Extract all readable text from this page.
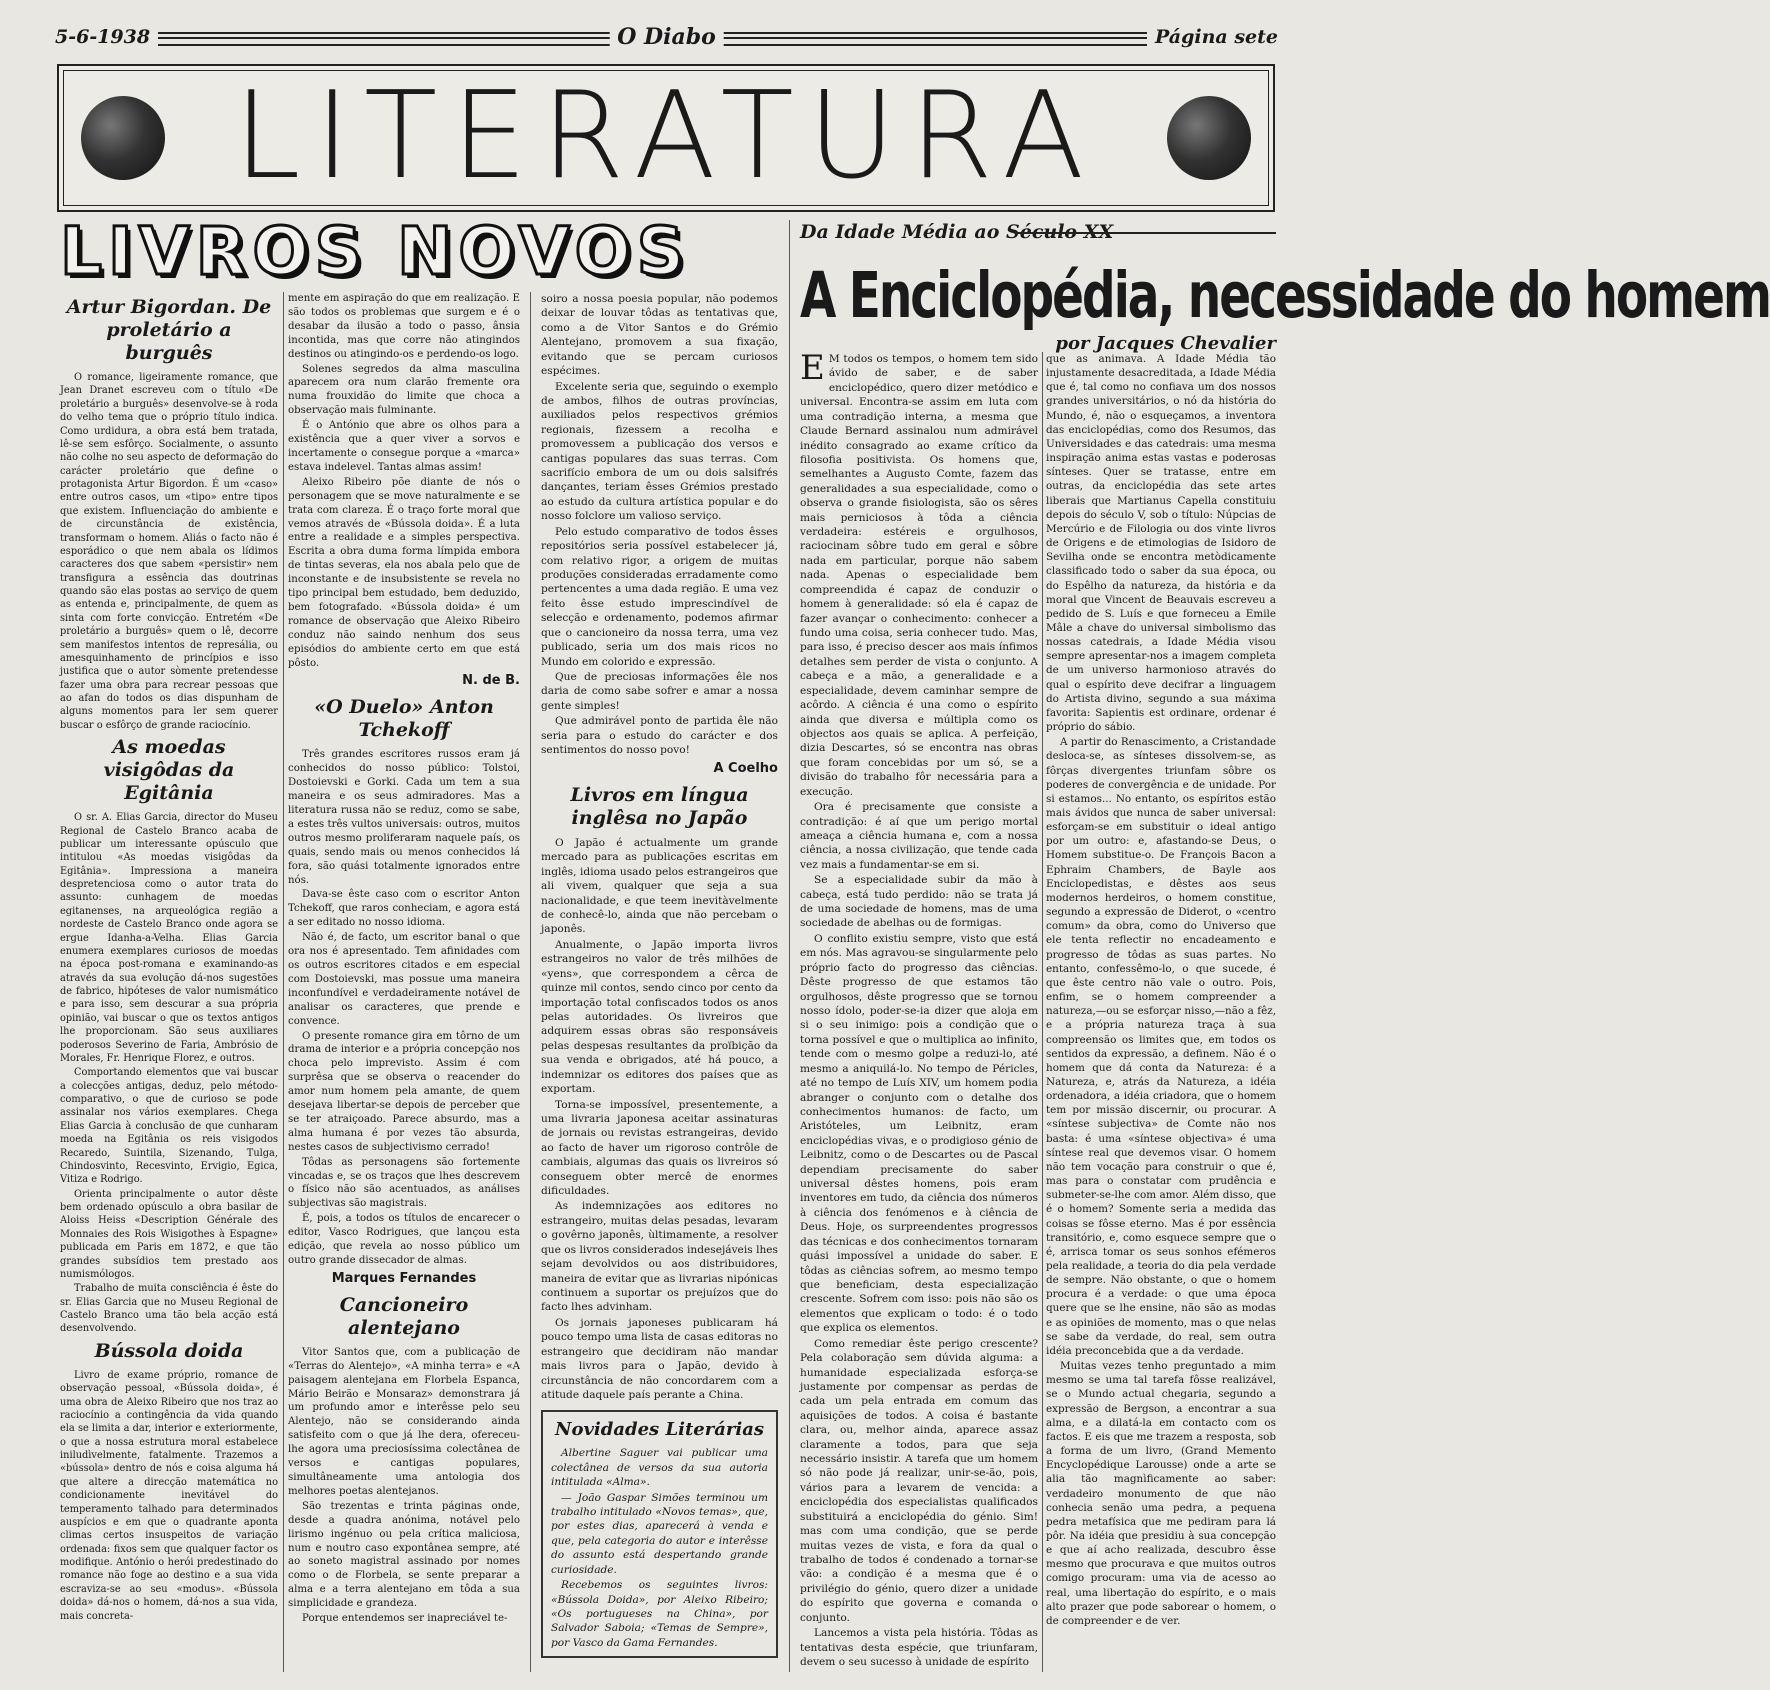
5-6-1938	O Diabo	Página sete
LITERATURA
LIVROS NOVOS
Artur Bigordan. De proletário a burguês

O romance, ligeiramente romance, que Jean Dranet escreveu com o título «De proletário a burguês» desenvolve-se à roda do velho tema que o próprio título indica. Como urdidura, a obra está bem tratada, lê-se sem esfôrço. Socialmente, o assunto não colhe no seu aspecto de deformação do carácter proletário que define o protagonista Artur Bigordon. É um «caso» entre outros casos, um «tipo» entre tipos que existem. Influenciação do ambiente e de circunstância de existência, transformam o homem. Aliás o facto não é esporádico o que nem abala os lídimos caracteres dos que sabem «persistir» nem transfigura a essência das doutrinas quando são elas postas ao serviço de quem as entenda e, principalmente, de quem as sinta com forte convicção. Entretém «De proletário a burguês» quem o lê, decorre sem manifestos intentos de represália, ou amesquinhamento de princípios e isso justifica que o autor sòmente pretendesse fazer uma obra para recrear pessoas que ao afan do todos os dias dispunham de alguns momentos para ler sem querer buscar o esfôrço de grande raciocínio.

As moedas visigôdas da Egitânia

O sr. A. Elias Garcia, director do Museu Regional de Castelo Branco acaba de publicar um interessante opúsculo que intitulou «As moedas visigôdas da Egitânia». Impressiona a maneira despretenciosa como o autor trata do assunto: cunhagem de moedas egitanenses, na arqueológica região a nordeste de Castelo Branco onde agora se ergue Idanha-a-Velha. Elias Garcia enumera exemplares curiosos de moedas na época post-romana e examinando-as através da sua evolução dá-nos sugestões de fabrico, hipóteses de valor numismático e para isso, sem descurar a sua própria opinião, vai buscar o que os textos antigos lhe proporcionam. São seus auxiliares poderosos Severino de Faria, Ambrósio de Morales, Fr. Henrique Florez, e outros.

Comportando elementos que vai buscar a colecções antigas, deduz, pelo método-comparativo, o que de curioso se pode assinalar nos vários exemplares. Chega Elias Garcia à conclusão de que cunharam moeda na Egitânia os reis visigodos Recaredo, Suintila, Sizenando, Tulga, Chindosvinto, Recesvinto, Ervigio, Egica, Vitiza e Rodrigo.

Orienta principalmente o autor dêste bem ordenado opúsculo a obra basilar de Aloiss Heiss «Description Générale des Monnaies des Rois Wisigothes à Espagne» publicada em Paris em 1872, e que tão grandes subsídios tem prestado aos numismólogos.

Trabalho de muita consciência é êste do sr. Elias Garcia que no Museu Regional de Castelo Branco uma tão bela acção está desenvolvendo.

Bússola doida

Livro de exame próprio, romance de observação pessoal, «Bússola doida», é uma obra de Aleixo Ribeiro que nos traz ao raciocínio a contingência da vida quando ela se limita a dar, interior e exteriormente, o que a nossa estrutura moral estabelece iniludìvelmente, fatalmente. Trazemos a «bússola» dentro de nós e coisa alguma há que altere a direcção matemática no condicionamente inevitável do temperamento talhado para determinados auspícios e em que o quadrante aponta climas certos insuspeitos de variação ordenada: fixos sem que qualquer factor os modifique. António o herói predestinado do romance não foge ao destino e a sua vida escraviza-se ao seu «modus». «Bússola doida» dá-nos o homem, dá-nos a sua vida, mais concreta-

mente em aspiração do que em realização. E são todos os problemas que surgem e é o desabar da ilusão a todo o passo, ânsia incontida, mas que corre não atingindos destinos ou atingindo-os e perdendo-os logo.

Solenes segredos da alma masculina aparecem ora num clarão fremente ora numa frouxidão do limite que choca a observação mais fulminante.

É o António que abre os olhos para a existência que a quer viver a sorvos e incertamente o consegue porque a «marca» estava indelevel. Tantas almas assim!

Aleixo Ribeiro põe diante de nós o personagem que se move naturalmente e se trata com clareza. É o traço forte moral que vemos através de «Bússola doida». É a luta entre a realidade e a simples perspectiva. Escrita a obra duma forma límpida embora de tintas severas, ela nos abala pelo que de inconstante e de insubsistente se revela no tipo principal bem estudado, bem deduzido, bem fotografado. «Bússola doida» é um romance de observação que Aleixo Ribeiro conduz não saindo nenhum dos seus episódios do ambiente certo em que está pôsto.

N. de B.
«O Duelo» Anton Tchekoff

Três grandes escritores russos eram já conhecidos do nosso público: Tolstoi, Dostoievski e Gorki. Cada um tem a sua maneira e os seus admiradores. Mas a literatura russa não se reduz, como se sabe, a estes três vultos universais: outros, muitos outros mesmo proliferaram naquele país, os quais, sendo mais ou menos conhecidos lá fora, são quási totalmente ignorados entre nós.

Dava-se êste caso com o escritor Anton Tchekoff, que raros conheciam, e agora está a ser editado no nosso idioma.

Não é, de facto, um escritor banal o que ora nos é apresentado. Tem afinidades com os outros escritores citados e em especial com Dostoievski, mas possue uma maneira inconfundível e verdadeiramente notável de analisar os caracteres, que prende e convence.

O presente romance gira em tôrno de um drama de interior e a própria concepção nos choca pelo imprevisto. Assim é com surprêsa que se observa o reacender do amor num homem pela amante, de quem desejava libertar-se depois de perceber que se ter atraiçoado. Parece absurdo, mas a alma humana é por vezes tão absurda, nestes casos de subjectivismo cerrado!

Tôdas as personagens são fortemente vincadas e, se os traços que lhes descrevem o físico não são acentuados, as análises subjectivas são magistrais.

É, pois, a todos os títulos de encarecer o editor, Vasco Rodrigues, que lançou esta edição, que revela ao nosso público um outro grande dissecador de almas.

Marques Fernandes
Cancioneiro alentejano

Vitor Santos que, com a publicação de «Terras do Alentejo», «A minha terra» e «A paisagem alentejana em Florbela Espanca, Mário Beirão e Monsaraz» demonstrara já um profundo amor e interêsse pelo seu Alentejo, não se considerando ainda satisfeito com o que já lhe dera, ofereceu-lhe agora uma preciosíssima colectânea de versos e cantigas populares, simultâneamente uma antologia dos melhores poetas alentejanos.

São trezentas e trinta páginas onde, desde a quadra anónima, notável pelo lirismo ingénuo ou pela crítica maliciosa, num e noutro caso expontânea sempre, até ao soneto magistral assinado por nomes como o de Florbela, se sente preparar a alma e a terra alentejano em tôda a sua simplicidade e grandeza.

Porque entendemos ser inapreciável te-

soiro a nossa poesia popular, não podemos deixar de louvar tôdas as tentativas que, como a de Vitor Santos e do Grémio Alentejano, promovem a sua fixação, evitando que se percam curiosos espécimes.

Excelente seria que, seguindo o exemplo de ambos, filhos de outras províncias, auxiliados pelos respectivos grémios regionais, fizessem a recolha e promovessem a publicação dos versos e cantigas populares das suas terras. Com sacrifício embora de um ou dois salsifrés dançantes, teriam êsses Grémios prestado ao estudo da cultura artística popular e do nosso folclore um valioso serviço.

Pelo estudo comparativo de todos êsses repositórios seria possível estabelecer já, com relativo rigor, a origem de muitas produções consideradas erradamente como pertencentes a uma dada região. E uma vez feito êsse estudo imprescindível de selecção e ordenamento, podemos afirmar que o cancioneiro da nossa terra, uma vez publicado, seria um dos mais ricos no Mundo em colorido e expressão.

Que de preciosas informações êle nos daria de como sabe sofrer e amar a nossa gente simples!

Que admirável ponto de partida êle não seria para o estudo do carácter e dos sentimentos do nosso povo!

A Coelho
Livros em língua inglêsa no Japão

O Japão é actualmente um grande mercado para as publicações escritas em inglês, idioma usado pelos estrangeiros que ali vivem, qualquer que seja a sua nacionalidade, e que teem inevitàvelmente de conhecê-lo, ainda que não percebam o japonês.

Anualmente, o Japão importa livros estrangeiros no valor de três milhões de «yens», que correspondem a cêrca de quinze mil contos, sendo cinco por cento da importação total confiscados todos os anos pelas autoridades. Os livreiros que adquirem essas obras são responsáveis pelas despesas resultantes da proïbição da sua venda e obrigados, até há pouco, a indemnizar os editores dos países que as exportam.

Torna-se impossível, presentemente, a uma livraria japonesa aceitar assinaturas de jornais ou revistas estrangeiras, devido ao facto de haver um rigoroso contrôle de cambiais, algumas das quais os livreiros só conseguem obter mercê de enormes dificuldades.

As indemnizações aos editores no estrangeiro, muitas delas pesadas, levaram o govêrno japonês, ùltimamente, a resolver que os livros considerados indesejáveis lhes sejam devolvidos ou aos distribuidores, maneira de evitar que as livrarias nipónicas continuem a suportar os prejuízos que do facto lhes advinham.

Os jornais japoneses publicaram há pouco tempo uma lista de casas editoras no estrangeiro que decidiram não mandar mais livros para o Japão, devido à circunstância de não concordarem com a atitude daquele país perante a China.

Novidades Literárias

Albertine Saguer vai publicar uma colectânea de versos da sua autoria intitulada «Alma».

— João Gaspar Simões terminou um trabalho intitulado «Novos temas», que, por estes dias, aparecerá à venda e que, pela categoria do autor e interêsse do assunto está despertando grande curiosidade.

Recebemos os seguintes livros: «Bússola Doida», por Aleixo Ribeiro; «Os portugueses na China», por Salvador Saboia; «Temas de Sempre», por Vasco da Gama Fernandes.

Da Idade Média ao Século XX
A Enciclopédia, necessidade do homem
por Jacques Chevalier

E M todos os tempos, o homem tem sido ávido de saber, e de saber enciclopédico, quero dizer metódico e universal. Encontra-se assim em luta com uma contradição interna, a mesma que Claude Bernard assinalou num admirável inédito consagrado ao exame crítico da filosofia positivista. Os homens que, semelhantes a Augusto Comte, fazem das generalidades a sua especialidade, como o observa o grande fisiologista, são os sêres mais perniciosos à tôda a ciência verdadeira: estéreis e orgulhosos, raciocinam sôbre tudo em geral e sôbre nada em particular, porque não sabem nada. Apenas o especialidade bem compreendida é capaz de conduzir o homem à generalidade: só ela é capaz de fazer avançar o conhecimento: conhecer a fundo uma coisa, seria conhecer tudo. Mas, para isso, é preciso descer aos mais ínfimos detalhes sem perder de vista o conjunto. A cabeça e a mão, a generalidade e a especialidade, devem caminhar sempre de acôrdo. A ciência é una como o espírito ainda que diversa e múltipla como os objectos aos quais se aplica. A perfeição, dizia Descartes, só se encontra nas obras que foram concebidas por um só, se a divisão do trabalho fôr necessária para a execução.

Ora é precisamente que consiste a contradição: é aí que um perigo mortal ameaça a ciência humana e, com a nossa ciência, a nossa civilização, que tende cada vez mais a fundamentar-se em si.

Se a especialidade subir da mão à cabeça, está tudo perdido: não se trata já de uma sociedade de homens, mas de uma sociedade de abelhas ou de formigas.

O conflito existiu sempre, visto que está em nós. Mas agravou-se singularmente pelo próprio facto do progresso das ciências. Dêste progresso de que estamos tão orgulhosos, dêste progresso que se tornou nosso ídolo, poder-se-ia dizer que aloja em si o seu inimigo: pois a condição que o torna possível e que o multiplica ao infinito, tende com o mesmo golpe a reduzi-lo, até mesmo a aniquilá-lo. No tempo de Péricles, até no tempo de Luís XIV, um homem podia abranger o conjunto com o detalhe dos conhecimentos humanos: de facto, um Aristóteles, um Leibnitz, eram enciclopédias vivas, e o prodigioso génio de Leibnitz, como o de Descartes ou de Pascal dependiam precisamente do saber universal dêstes homens, pois eram inventores em tudo, da ciência dos números à ciência dos fenómenos e à ciência de Deus. Hoje, os surpreendentes progressos das técnicas e dos conhecimentos tornaram quási impossível a unidade do saber. E tôdas as ciências sofrem, ao mesmo tempo que beneficiam, desta especialização crescente. Sofrem com isso: pois não são os elementos que explicam o todo: é o todo que explica os elementos.

Como remediar êste perigo crescente? Pela colaboração sem dúvida alguma: a humanidade especializada esforça-se justamente por compensar as perdas de cada um pela entrada em comum das aquisições de todos. A coisa é bastante clara, ou, melhor ainda, aparece assaz claramente a todos, para que seja necessário insistir. A tarefa que um homem só não pode já realizar, unir-se-ão, pois, vários para a levarem de vencida: a enciclopédia dos especialistas qualificados substituirá a enciclopédia do génio. Sim! mas com uma condição, que se perde muitas vezes de vista, e fora da qual o trabalho de todos é condenado a tornar-se vão: a condição é a mesma que é o privilégio do génio, quero dizer a unidade do espírito que governa e comanda o conjunto.

Lancemos a vista pela história. Tôdas as tentativas desta espécie, que triunfaram, devem o seu sucesso à unidade de espírito

que as animava. A Idade Média tão injustamente desacreditada, a Idade Média que é, tal como no confiava um dos nossos grandes universitários, o nó da história do Mundo, é, não o esqueçamos, a inventora das enciclopédias, como dos Resumos, das Universidades e das catedrais: uma mesma inspiração anima estas vastas e poderosas sínteses. Quer se tratasse, entre em outras, da enciclopédia das sete artes liberais que Martianus Capella constituiu depois do século V, sob o título: Núpcias de Mercúrio e de Filologia ou dos vinte livros de Origens e de etimologias de Isidoro de Sevilha onde se encontra metòdicamente classificado todo o saber da sua época, ou do Espêlho da natureza, da história e da moral que Vincent de Beauvais escreveu a pedido de S. Luís e que forneceu a Emile Mâle a chave do universal simbolismo das nossas catedrais, a Idade Média visou sempre apresentar-nos a imagem completa de um universo harmonioso através do qual o espírito deve decifrar a linguagem do Artista divino, segundo a sua máxima favorita: Sapientis est ordinare, ordenar é próprio do sábio.

A partir do Renascimento, a Cristandade desloca-se, as sínteses dissolvem-se, as fôrças divergentes triunfam sôbre os poderes de convergência e de unidade. Por si estamos... No entanto, os espíritos estão mais ávidos que nunca de saber universal: esforçam-se em substituir o ideal antigo por um outro: e, afastando-se Deus, o Homem substitue-o. De François Bacon a Ephraim Chambers, de Bayle aos Enciclopedistas, e dêstes aos seus modernos herdeiros, o homem constitue, segundo a expressão de Diderot, o «centro comum» da obra, como do Universo que ele tenta reflectir no encadeamento e progresso de tôdas as suas partes. No entanto, confessêmo-lo, o que sucede, é que êste centro não vale o outro. Pois, enfim, se o homem compreender a natureza,—ou se esforçar nisso,—não a fêz, e a própria natureza traça à sua compreensão os limites que, em todos os sentidos da expressão, a definem. Não é o homem que dá conta da Natureza: é a Natureza, e, atrás da Natureza, a idéia ordenadora, a idéia criadora, que o homem tem por missão discernir, ou procurar. A «síntese subjectiva» de Comte não nos basta: é uma «síntese objectiva» é uma síntese real que devemos visar. O homem não tem vocação para construir o que é, mas para o constatar com prudência e submeter-se-lhe com amor. Além disso, que é o homem? Somente seria a medida das coisas se fôsse eterno. Mas é por essência transitório, e, como esquece sempre que o é, arrisca tomar os seus sonhos efémeros pela realidade, a teoria do dia pela verdade de sempre. Não obstante, o que o homem procura é a verdade: o que uma época quere que se lhe ensine, não são as modas e as opiniões de momento, mas o que nelas se sabe da verdade, do real, sem outra idéia preconcebida que a da verdade.

Muitas vezes tenho preguntado a mim mesmo se uma tal tarefa fôsse realizável, se o Mundo actual chegaria, segundo a expressão de Bergson, a encontrar a sua alma, e a dilatá-la em contacto com os factos. E eis que me trazem a resposta, sob a forma de um livro, (Grand Memento Encyclopédique Larousse) onde a arte se alia tão magnìficamente ao saber: verdadeiro monumento de que não conhecia senão uma pedra, a pequena pedra metafísica que me pediram para lá pôr. Na idéia que presidiu à sua concepção e que aí acho realizada, descubro êsse mesmo que procurava e que muitos outros comigo procuram: uma via de acesso ao real, uma libertação do espírito, e o mais alto prazer que pode saborear o homem, o de compreender e de ver.
